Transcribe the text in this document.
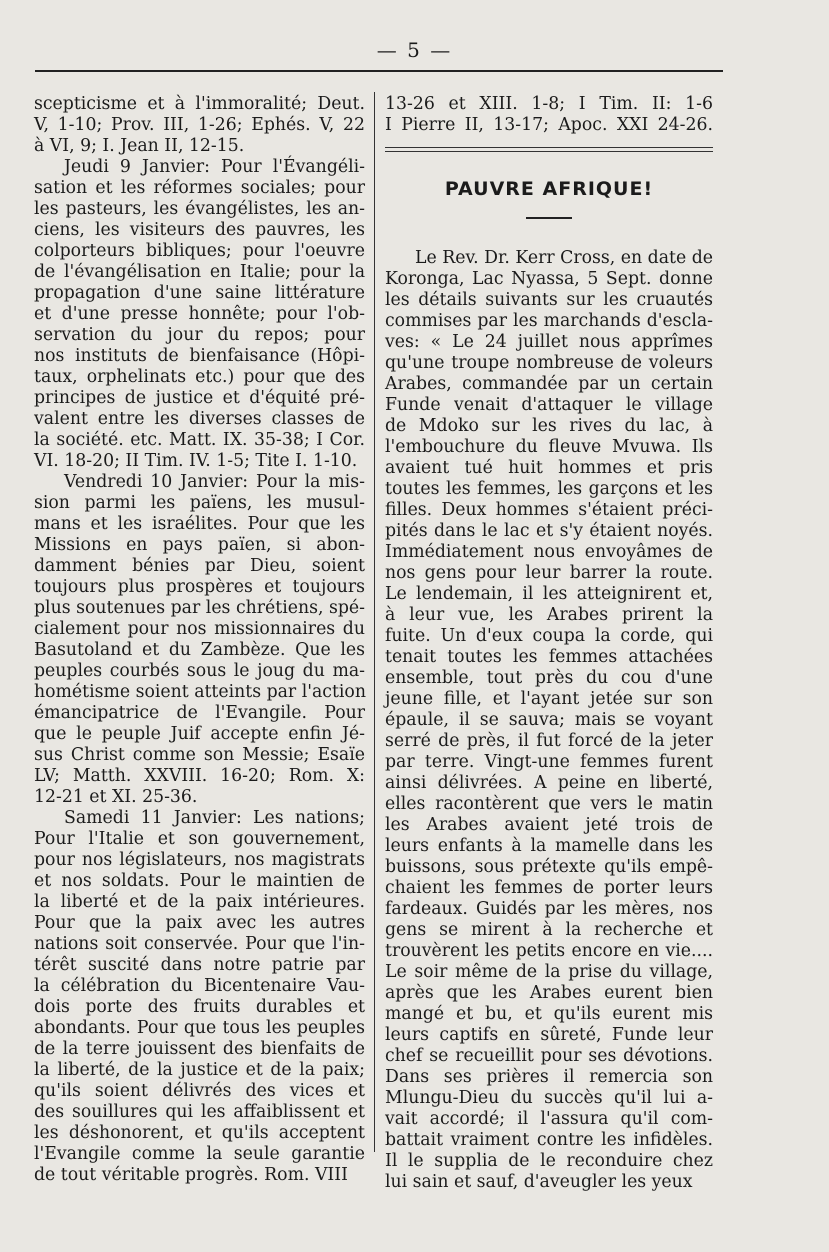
— 5 —
scepticisme et à l'immoralité; Deut.
V, 1-10; Prov. III, 1-26; Ephés. V, 22
à VI, 9; I. Jean II, 12-15.
Jeudi 9 Janvier: Pour l'Évangéli-
sation et les réformes sociales; pour
les pasteurs, les évangélistes, les an-
ciens, les visiteurs des pauvres, les
colporteurs bibliques; pour l'oeuvre
de l'évangélisation en Italie; pour la
propagation d'une saine littérature
et d'une presse honnête; pour l'ob-
servation du jour du repos; pour
nos instituts de bienfaisance (Hôpi-
taux, orphelinats etc.) pour que des
principes de justice et d'équité pré-
valent entre les diverses classes de
la société. etc. Matt. IX. 35-38; I Cor.
VI. 18-20; II Tim. IV. 1-5; Tite I. 1-10.
Vendredi 10 Janvier: Pour la mis-
sion parmi les païens, les musul-
mans et les israélites. Pour que les
Missions en pays païen, si abon-
damment bénies par Dieu, soient
toujours plus prospères et toujours
plus soutenues par les chrétiens, spé-
cialement pour nos missionnaires du
Basutoland et du Zambèze. Que les
peuples courbés sous le joug du ma-
hométisme soient atteints par l'action
émancipatrice de l'Evangile. Pour
que le peuple Juif accepte enfin Jé-
sus Christ comme son Messie; Esaïe
LV; Matth. XXVIII. 16-20; Rom. X:
12-21 et XI. 25-36.
Samedi 11 Janvier: Les nations;
Pour l'Italie et son gouvernement,
pour nos législateurs, nos magistrats
et nos soldats. Pour le maintien de
la liberté et de la paix intérieures.
Pour que la paix avec les autres
nations soit conservée. Pour que l'in-
térêt suscité dans notre patrie par
la célébration du Bicentenaire Vau-
dois porte des fruits durables et
abondants. Pour que tous les peuples
de la terre jouissent des bienfaits de
la liberté, de la justice et de la paix;
qu'ils soient délivrés des vices et
des souillures qui les affaiblissent et
les déshonorent, et qu'ils acceptent
l'Evangile comme la seule garantie
de tout véritable progrès. Rom. VIII
13-26 et XIII. 1-8; I Tim. II: 1-6
I Pierre II, 13-17; Apoc. XXI 24-26.
PAUVRE AFRIQUE!
Le Rev. Dr. Kerr Cross, en date de
Koronga, Lac Nyassa, 5 Sept. donne
les détails suivants sur les cruautés
commises par les marchands d'escla-
ves: « Le 24 juillet nous apprîmes
qu'une troupe nombreuse de voleurs
Arabes, commandée par un certain
Funde venait d'attaquer le village
de Mdoko sur les rives du lac, à
l'embouchure du fleuve Mvuwa. Ils
avaient tué huit hommes et pris
toutes les femmes, les garçons et les
filles. Deux hommes s'étaient préci-
pités dans le lac et s'y étaient noyés.
Immédiatement nous envoyâmes de
nos gens pour leur barrer la route.
Le lendemain, il les atteignirent et,
à leur vue, les Arabes prirent la
fuite. Un d'eux coupa la corde, qui
tenait toutes les femmes attachées
ensemble, tout près du cou d'une
jeune fille, et l'ayant jetée sur son
épaule, il se sauva; mais se voyant
serré de près, il fut forcé de la jeter
par terre. Vingt-une femmes furent
ainsi délivrées. A peine en liberté,
elles racontèrent que vers le matin
les Arabes avaient jeté trois de
leurs enfants à la mamelle dans les
buissons, sous prétexte qu'ils empê-
chaient les femmes de porter leurs
fardeaux. Guidés par les mères, nos
gens se mirent à la recherche et
trouvèrent les petits encore en vie....
Le soir même de la prise du village,
après que les Arabes eurent bien
mangé et bu, et qu'ils eurent mis
leurs captifs en sûreté, Funde leur
chef se recueillit pour ses dévotions.
Dans ses prières il remercia son
Mlungu-Dieu du succès qu'il lui a-
vait accordé; il l'assura qu'il com-
battait vraiment contre les infidèles.
Il le supplia de le reconduire chez
lui sain et sauf, d'aveugler les yeux
